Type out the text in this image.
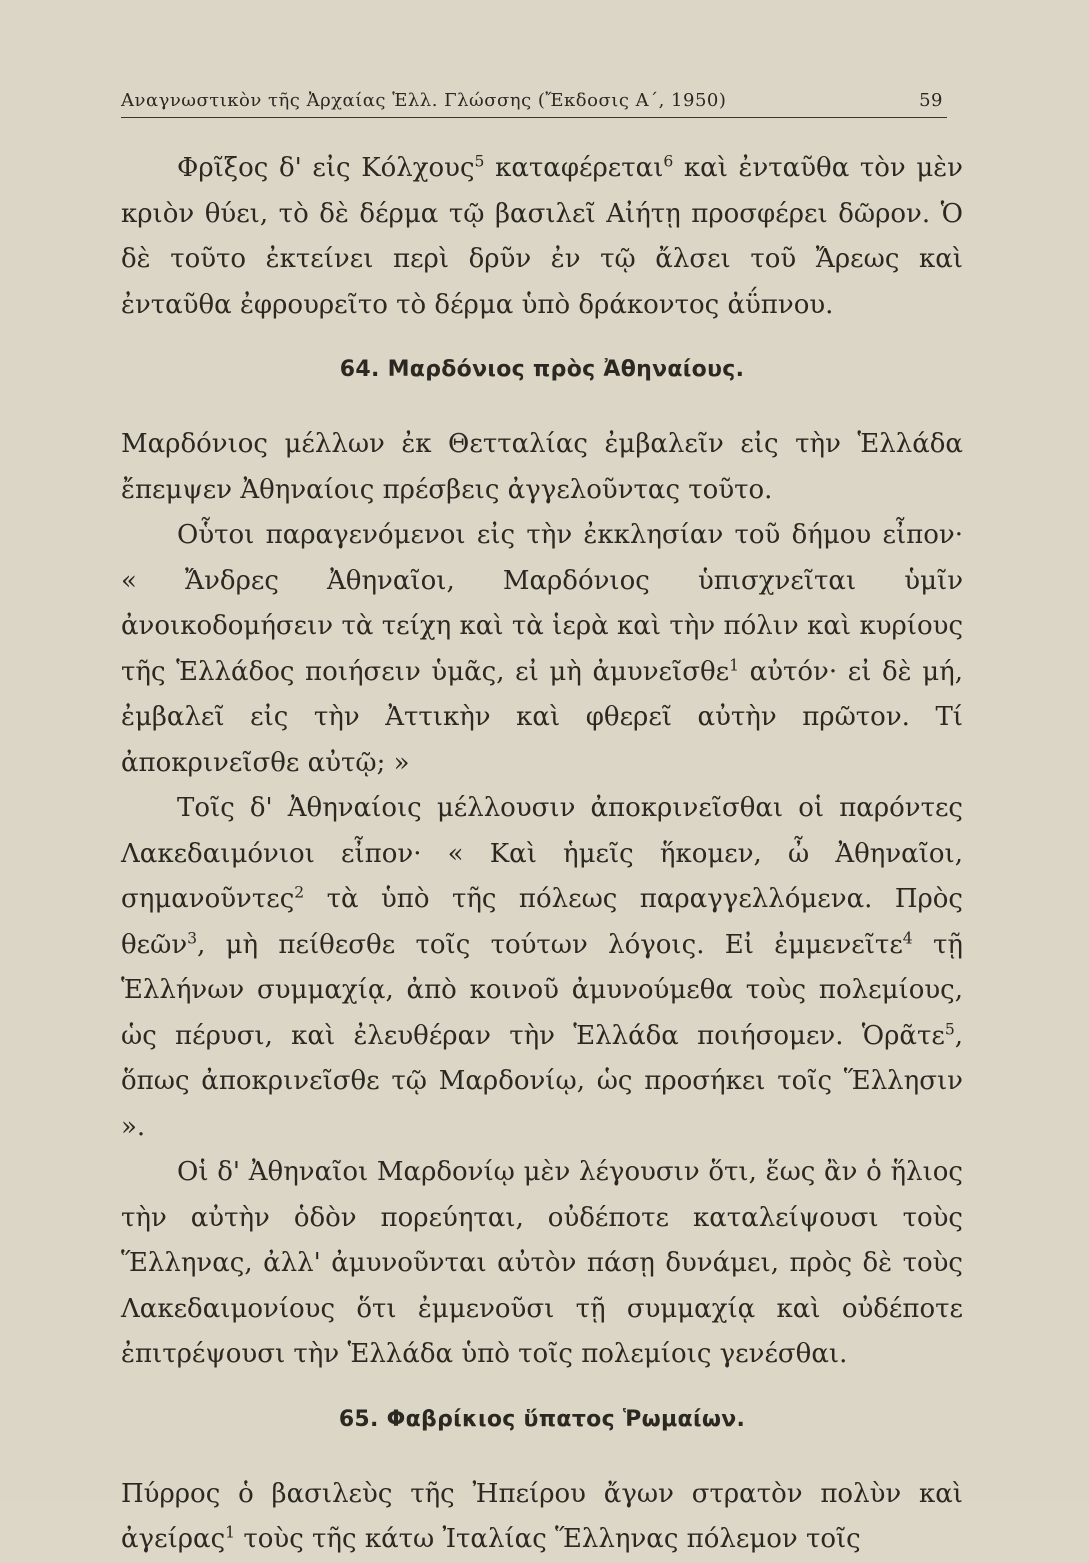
Αναγνωστικὸν τῆς Ἀρχαίας Ἑλλ. Γλώσσης (Ἔκδοσις Α΄, 1950)	59

Φρῖξος δ' εἰς Κόλχους$^5$ καταφέρεται$^6$ καὶ ἐνταῦθα τὸν μὲν κριὸν θύει, τὸ δὲ δέρμα τῷ βασιλεῖ Αἰήτῃ προσφέρει δῶρον. Ὁ δὲ τοῦτο ἐκτείνει περὶ δρῦν ἐν τῷ ἄλσει τοῦ Ἄρεως καὶ ἐνταῦθα ἐφρουρεῖτο τὸ δέρμα ὑπὸ δράκοντος ἀΰπνου.

64. Μαρδόνιος πρὸς Ἀθηναίους.

Μαρδόνιος μέλλων ἐκ Θετταλίας ἐμβαλεῖν εἰς τὴν Ἑλλάδα ἔπεμψεν Ἀθηναίοις πρέσβεις ἀγγελοῦντας τοῦτο.

Οὗτοι παραγενόμενοι εἰς τὴν ἐκκλησίαν τοῦ δήμου εἶπον· « Ἄνδρες Ἀθηναῖοι, Μαρδόνιος ὑπισχνεῖται ὑμῖν ἀνοικοδομήσειν τὰ τείχη καὶ τὰ ἱερὰ καὶ τὴν πόλιν καὶ κυρίους τῆς Ἑλλάδος ποιήσειν ὑμᾶς, εἰ μὴ ἀμυνεῖσθε$^1$ αὐτόν· εἰ δὲ μή, ἐμβαλεῖ εἰς τὴν Ἀττικὴν καὶ φθερεῖ αὐτὴν πρῶτον. Τί ἀποκρινεῖσθε αὐτῷ; »

Τοῖς δ' Ἀθηναίοις μέλλουσιν ἀποκρινεῖσθαι οἱ παρόντες Λακεδαιμόνιοι εἶπον· « Καὶ ἡμεῖς ἥκομεν, ὦ Ἀθηναῖοι, σημανοῦντες$^2$ τὰ ὑπὸ τῆς πόλεως παραγγελλόμενα. Πρὸς θεῶν$^3$, μὴ πείθεσθε τοῖς τούτων λόγοις. Εἰ ἐμμενεῖτε$^4$ τῇ Ἑλλήνων συμμαχίᾳ, ἀπὸ κοινοῦ ἀμυνούμεθα τοὺς πολεμίους, ὡς πέρυσι, καὶ ἐλευθέραν τὴν Ἑλλάδα ποιήσομεν. Ὁρᾶτε$^5$, ὅπως ἀποκρινεῖσθε τῷ Μαρδονίῳ, ὡς προσήκει τοῖς Ἕλλησιν ».

Οἱ δ' Ἀθηναῖοι Μαρδονίῳ μὲν λέγουσιν ὅτι, ἕως ἂν ὁ ἥλιος τὴν αὐτὴν ὁδὸν πορεύηται, οὐδέποτε καταλείψουσι τοὺς Ἕλληνας, ἀλλ' ἀμυνοῦνται αὐτὸν πάσῃ δυνάμει, πρὸς δὲ τοὺς Λακεδαιμονίους ὅτι ἐμμενοῦσι τῇ συμμαχίᾳ καὶ οὐδέποτε ἐπιτρέψουσι τὴν Ἑλλάδα ὑπὸ τοῖς πολεμίοις γενέσθαι.

65. Φαβρίκιος ὕπατος Ῥωμαίων.

Πύρρος ὁ βασιλεὺς τῆς Ἠπείρου ἄγων στρατὸν πολὺν καὶ ἀγείρας$^1$ τοὺς τῆς κάτω Ἰταλίας Ἕλληνας πόλεμον τοῖς
